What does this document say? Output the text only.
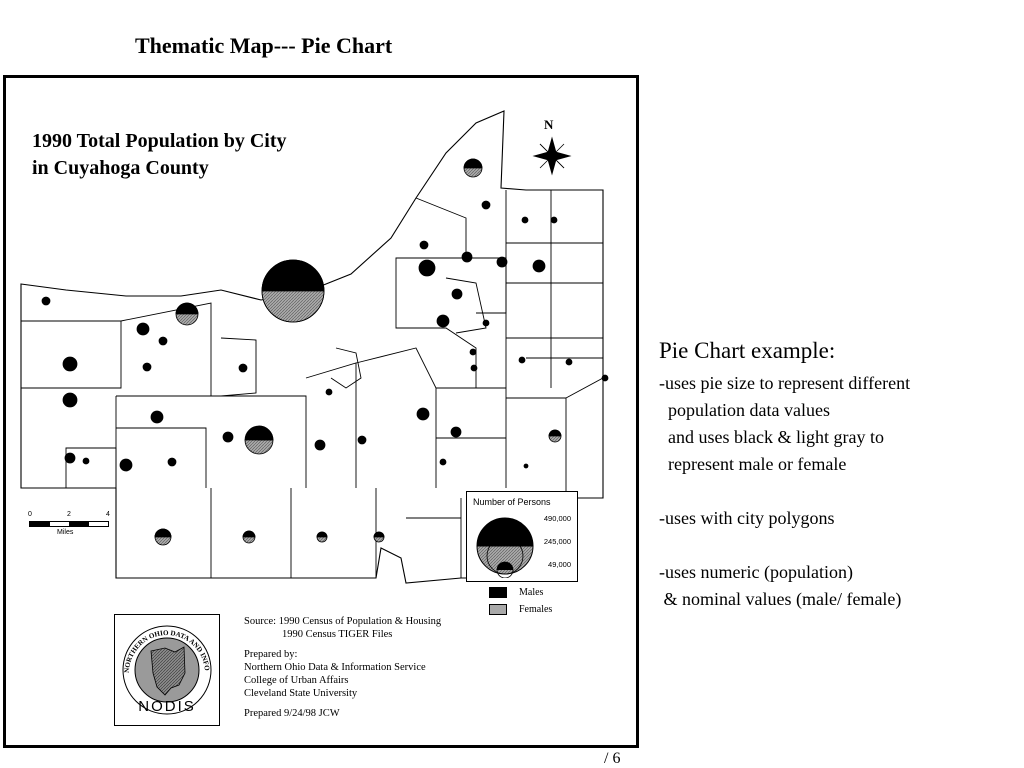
Thematic Map--- Pie Chart
1990 Total Population by City
in Cuyahoga County
N
0	2	4
Miles
Number of Persons
490,000
245,000
49,000
Males
Females
NORTHERN OHIO DATA AND INFO
NODIS
Source: 1990 Census of Population & Housing
1990 Census TIGER Files
Prepared by:
Northern Ohio Data & Information Service
College of Urban Affairs
Cleveland State University
Prepared 9/24/98 JCW
Pie Chart example:
-uses pie size to represent different
population data values
and uses black & light gray to
represent male or female
-uses with city polygons
-uses numeric (population)
& nominal values (male/ female)
/ 6
